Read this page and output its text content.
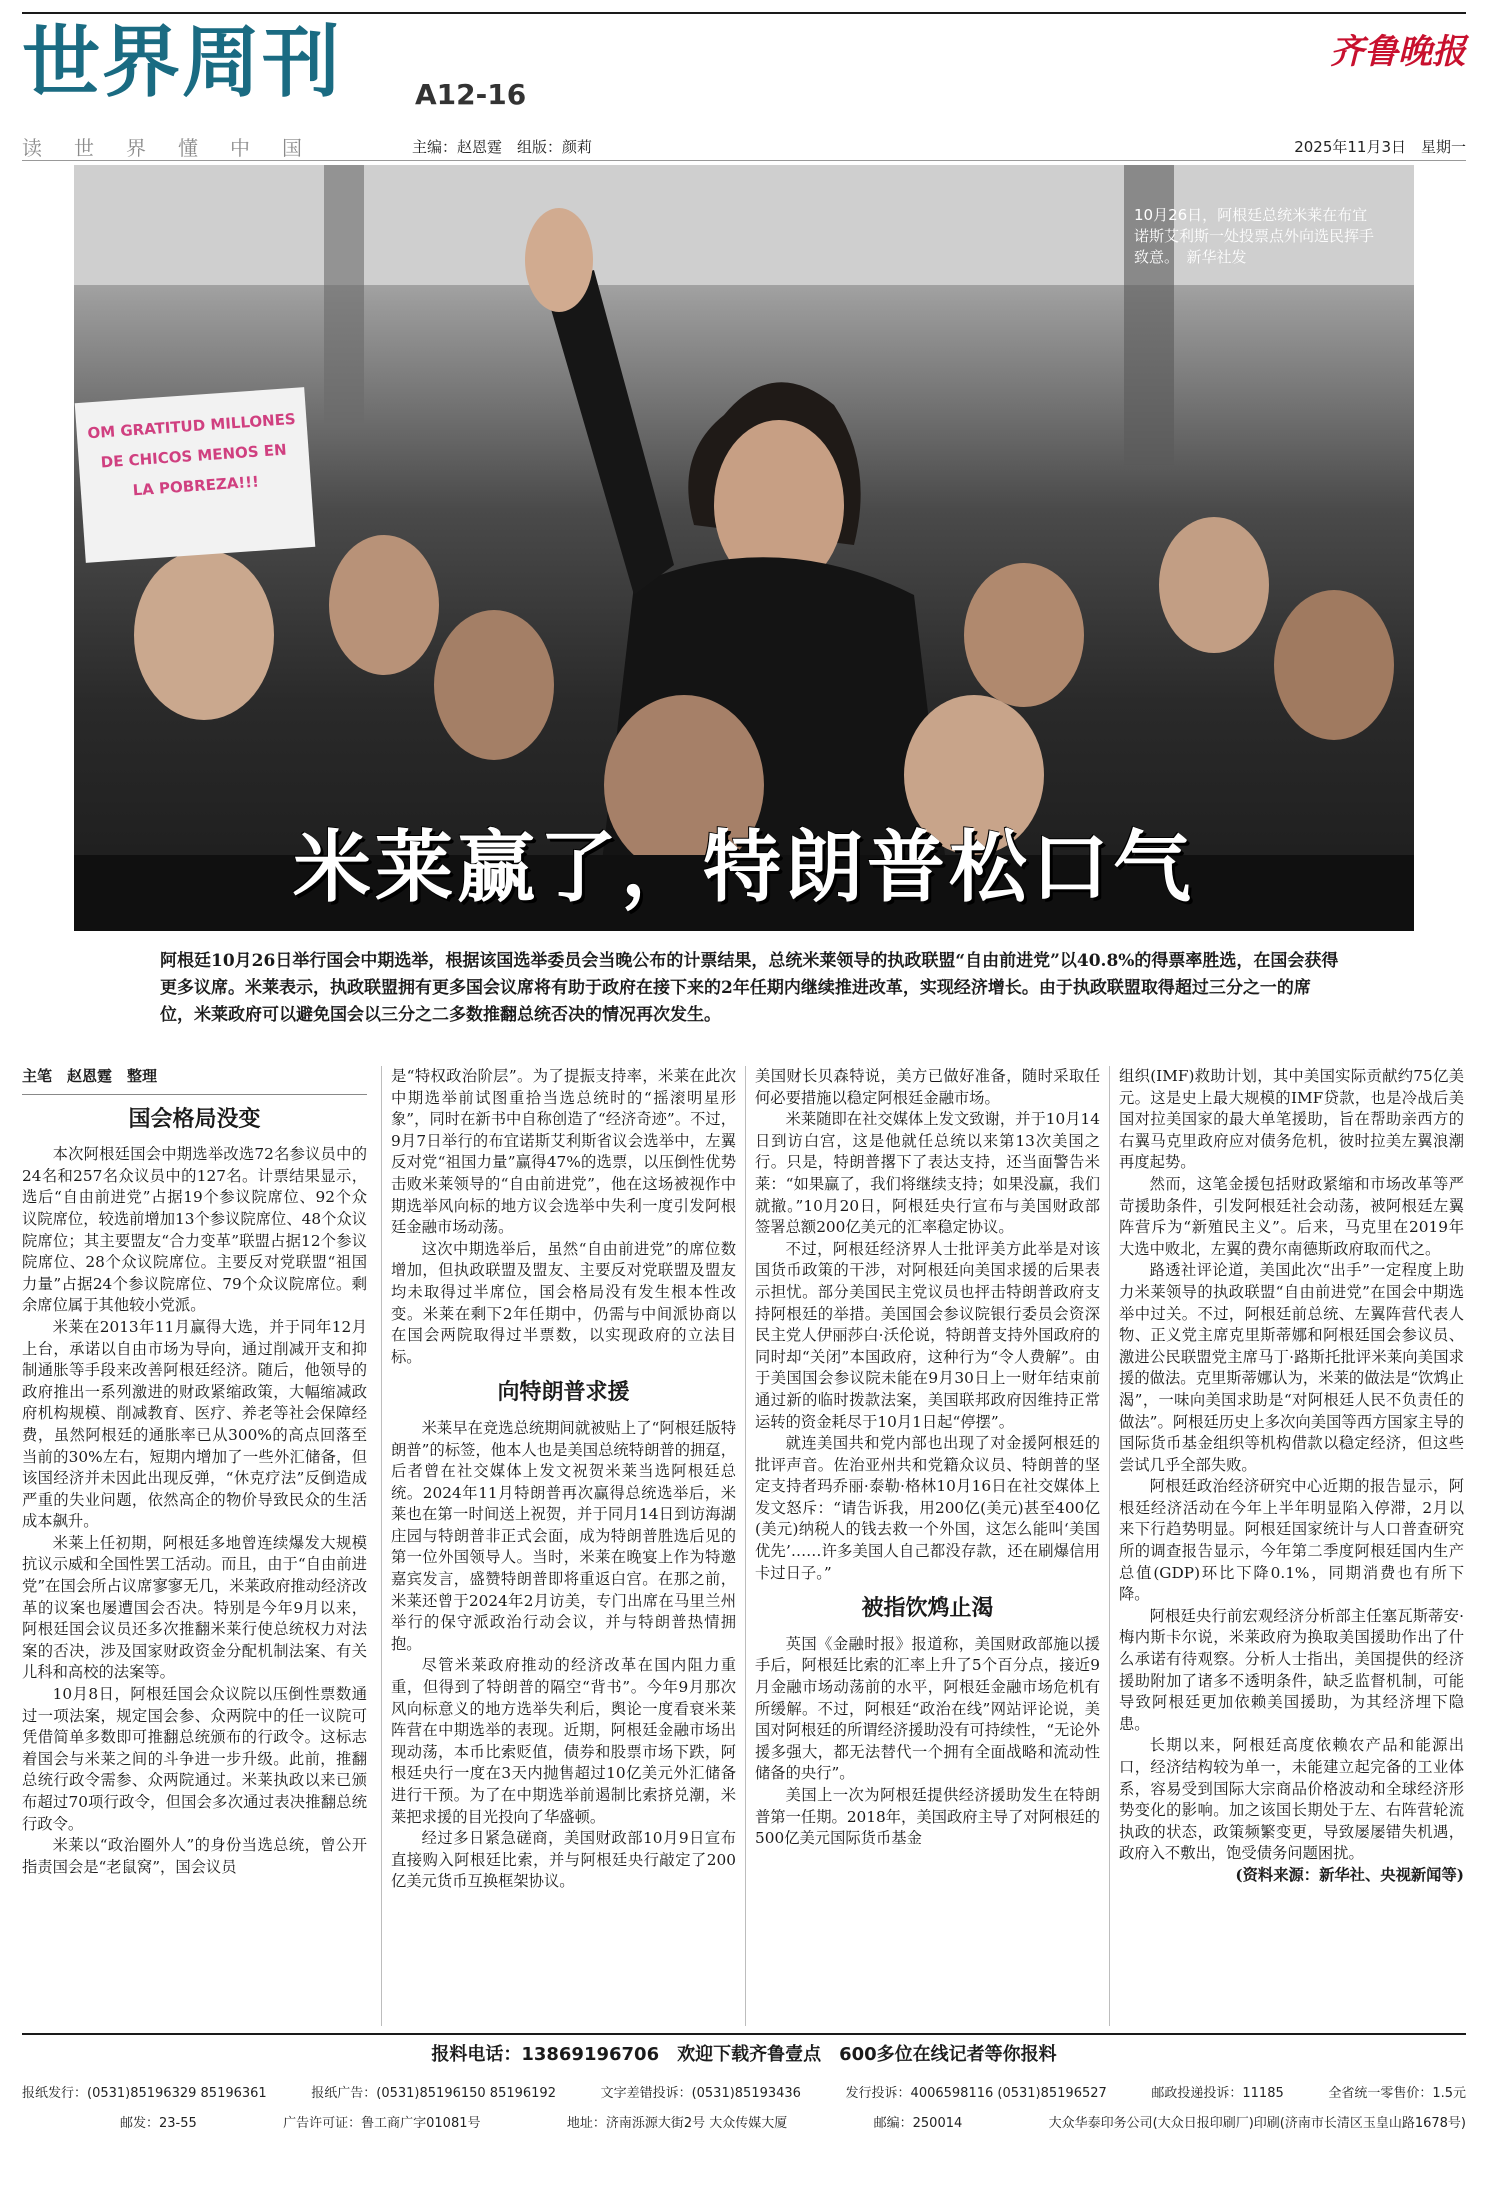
世界周刊	A12-16
读世界懂中国	主编：赵恩霆　组版：颜莉
齐鲁晚报
2025年11月3日　星期一
OM GRATITUD MILLONES DE CHICOS MENOS EN LA POBREZA!!!
10月26日，阿根廷总统米莱在布宜诺斯艾利斯一处投票点外向选民挥手致意。　新华社发
米莱赢了，特朗普松口气
阿根廷10月26日举行国会中期选举，根据该国选举委员会当晚公布的计票结果，总统米莱领导的执政联盟“自由前进党”以40.8%的得票率胜选，在国会获得更多议席。米莱表示，执政联盟拥有更多国会议席将有助于政府在接下来的2年任期内继续推进改革，实现经济增长。由于执政联盟取得超过三分之一的席位，米莱政府可以避免国会以三分之二多数推翻总统否决的情况再次发生。

主笔　赵恩霆　整理

国会格局没变

本次阿根廷国会中期选举改选72名参议员中的24名和257名众议员中的127名。计票结果显示，选后“自由前进党”占据19个参议院席位、92个众议院席位，较选前增加13个参议院席位、48个众议院席位；其主要盟友“合力变革”联盟占据12个参议院席位、28个众议院席位。主要反对党联盟“祖国力量”占据24个参议院席位、79个众议院席位。剩余席位属于其他较小党派。

米莱在2013年11月赢得大选，并于同年12月上台，承诺以自由市场为导向，通过削减开支和抑制通胀等手段来改善阿根廷经济。随后，他领导的政府推出一系列激进的财政紧缩政策，大幅缩减政府机构规模、削减教育、医疗、养老等社会保障经费，虽然阿根廷的通胀率已从300%的高点回落至当前的30%左右，短期内增加了一些外汇储备，但该国经济并未因此出现反弹，“休克疗法”反倒造成严重的失业问题，依然高企的物价导致民众的生活成本飙升。

米莱上任初期，阿根廷多地曾连续爆发大规模抗议示威和全国性罢工活动。而且，由于“自由前进党”在国会所占议席寥寥无几，米莱政府推动经济改革的议案也屡遭国会否决。特别是今年9月以来，阿根廷国会议员还多次推翻米莱行使总统权力对法案的否决，涉及国家财政资金分配机制法案、有关儿科和高校的法案等。

10月8日，阿根廷国会众议院以压倒性票数通过一项法案，规定国会参、众两院中的任一议院可凭借简单多数即可推翻总统颁布的行政令。这标志着国会与米莱之间的斗争进一步升级。此前，推翻总统行政令需参、众两院通过。米莱执政以来已颁布超过70项行政令，但国会多次通过表决推翻总统行政令。

米莱以“政治圈外人”的身份当选总统，曾公开指责国会是“老鼠窝”，国会议员

是“特权政治阶层”。为了提振支持率，米莱在此次中期选举前试图重拾当选总统时的“摇滚明星形象”，同时在新书中自称创造了“经济奇迹”。不过，9月7日举行的布宜诺斯艾利斯省议会选举中，左翼反对党“祖国力量”赢得47%的选票，以压倒性优势击败米莱领导的“自由前进党”，他在这场被视作中期选举风向标的地方议会选举中失利一度引发阿根廷金融市场动荡。

这次中期选举后，虽然“自由前进党”的席位数增加，但执政联盟及盟友、主要反对党联盟及盟友均未取得过半席位，国会格局没有发生根本性改变。米莱在剩下2年任期中，仍需与中间派协商以在国会两院取得过半票数，以实现政府的立法目标。

向特朗普求援

米莱早在竞选总统期间就被贴上了“阿根廷版特朗普”的标签，他本人也是美国总统特朗普的拥趸，后者曾在社交媒体上发文祝贺米莱当选阿根廷总统。2024年11月特朗普再次赢得总统选举后，米莱也在第一时间送上祝贺，并于同月14日到访海湖庄园与特朗普非正式会面，成为特朗普胜选后见的第一位外国领导人。当时，米莱在晚宴上作为特邀嘉宾发言，盛赞特朗普即将重返白宫。在那之前，米莱还曾于2024年2月访美，专门出席在马里兰州举行的保守派政治行动会议，并与特朗普热情拥抱。

尽管米莱政府推动的经济改革在国内阻力重重，但得到了特朗普的隔空“背书”。今年9月那次风向标意义的地方选举失利后，舆论一度看衰米莱阵营在中期选举的表现。近期，阿根廷金融市场出现动荡，本币比索贬值，债券和股票市场下跌，阿根廷央行一度在3天内抛售超过10亿美元外汇储备进行干预。为了在中期选举前遏制比索挤兑潮，米莱把求援的目光投向了华盛顿。

经过多日紧急磋商，美国财政部10月9日宣布直接购入阿根廷比索，并与阿根廷央行敲定了200亿美元货币互换框架协议。

美国财长贝森特说，美方已做好准备，随时采取任何必要措施以稳定阿根廷金融市场。

米莱随即在社交媒体上发文致谢，并于10月14日到访白宫，这是他就任总统以来第13次美国之行。只是，特朗普撂下了表达支持，还当面警告米莱：“如果赢了，我们将继续支持；如果没赢，我们就撤。”10月20日，阿根廷央行宣布与美国财政部签署总额200亿美元的汇率稳定协议。

不过，阿根廷经济界人士批评美方此举是对该国货币政策的干涉，对阿根廷向美国求援的后果表示担忧。部分美国民主党议员也抨击特朗普政府支持阿根廷的举措。美国国会参议院银行委员会资深民主党人伊丽莎白·沃伦说，特朗普支持外国政府的同时却“关闭”本国政府，这种行为“令人费解”。由于美国国会参议院未能在9月30日上一财年结束前通过新的临时拨款法案，美国联邦政府因维持正常运转的资金耗尽于10月1日起“停摆”。

就连美国共和党内部也出现了对金援阿根廷的批评声音。佐治亚州共和党籍众议员、特朗普的坚定支持者玛乔丽·泰勒·格林10月16日在社交媒体上发文怒斥：“请告诉我，用200亿(美元)甚至400亿(美元)纳税人的钱去救一个外国，这怎么能叫‘美国优先’……许多美国人自己都没存款，还在刷爆信用卡过日子。”

被指饮鸩止渴

英国《金融时报》报道称，美国财政部施以援手后，阿根廷比索的汇率上升了5个百分点，接近9月金融市场动荡前的水平，阿根廷金融市场危机有所缓解。不过，阿根廷“政治在线”网站评论说，美国对阿根廷的所谓经济援助没有可持续性，“无论外援多强大，都无法替代一个拥有全面战略和流动性储备的央行”。

美国上一次为阿根廷提供经济援助发生在特朗普第一任期。2018年，美国政府主导了对阿根廷的500亿美元国际货币基金

组织(IMF)救助计划，其中美国实际贡献约75亿美元。这是史上最大规模的IMF贷款，也是冷战后美国对拉美国家的最大单笔援助，旨在帮助亲西方的右翼马克里政府应对债务危机，彼时拉美左翼浪潮再度起势。

然而，这笔金援包括财政紧缩和市场改革等严苛援助条件，引发阿根廷社会动荡，被阿根廷左翼阵营斥为“新殖民主义”。后来，马克里在2019年大选中败北，左翼的费尔南德斯政府取而代之。

路透社评论道，美国此次“出手”一定程度上助力米莱领导的执政联盟“自由前进党”在国会中期选举中过关。不过，阿根廷前总统、左翼阵营代表人物、正义党主席克里斯蒂娜和阿根廷国会参议员、激进公民联盟党主席马丁·路斯托批评米莱向美国求援的做法。克里斯蒂娜认为，米莱的做法是“饮鸩止渴”，一味向美国求助是“对阿根廷人民不负责任的做法”。阿根廷历史上多次向美国等西方国家主导的国际货币基金组织等机构借款以稳定经济，但这些尝试几乎全部失败。

阿根廷政治经济研究中心近期的报告显示，阿根廷经济活动在今年上半年明显陷入停滞，2月以来下行趋势明显。阿根廷国家统计与人口普查研究所的调查报告显示，今年第二季度阿根廷国内生产总值(GDP)环比下降0.1%，同期消费也有所下降。

阿根廷央行前宏观经济分析部主任塞瓦斯蒂安·梅内斯卡尔说，米莱政府为换取美国援助作出了什么承诺有待观察。分析人士指出，美国提供的经济援助附加了诸多不透明条件，缺乏监督机制，可能导致阿根廷更加依赖美国援助，为其经济埋下隐患。

长期以来，阿根廷高度依赖农产品和能源出口，经济结构较为单一，未能建立起完备的工业体系，容易受到国际大宗商品价格波动和全球经济形势变化的影响。加之该国长期处于左、右阵营轮流执政的状态，政策频繁变更，导致屡屡错失机遇，政府入不敷出，饱受债务问题困扰。

(资料来源：新华社、央视新闻等)

报料电话：13869196706　欢迎下载齐鲁壹点　600多位在线记者等你报料
报纸发行：(0531)85196329 85196361	报纸广告：(0531)85196150 85196192	文字差错投诉：(0531)85193436	发行投诉：4006598116 (0531)85196527	邮政投递投诉：11185	全省统一零售价：1.5元
邮发：23-55	广告许可证：鲁工商广字01081号	地址：济南泺源大街2号 大众传媒大厦	邮编：250014	大众华泰印务公司(大众日报印刷厂)印刷(济南市长清区玉皇山路1678号)
